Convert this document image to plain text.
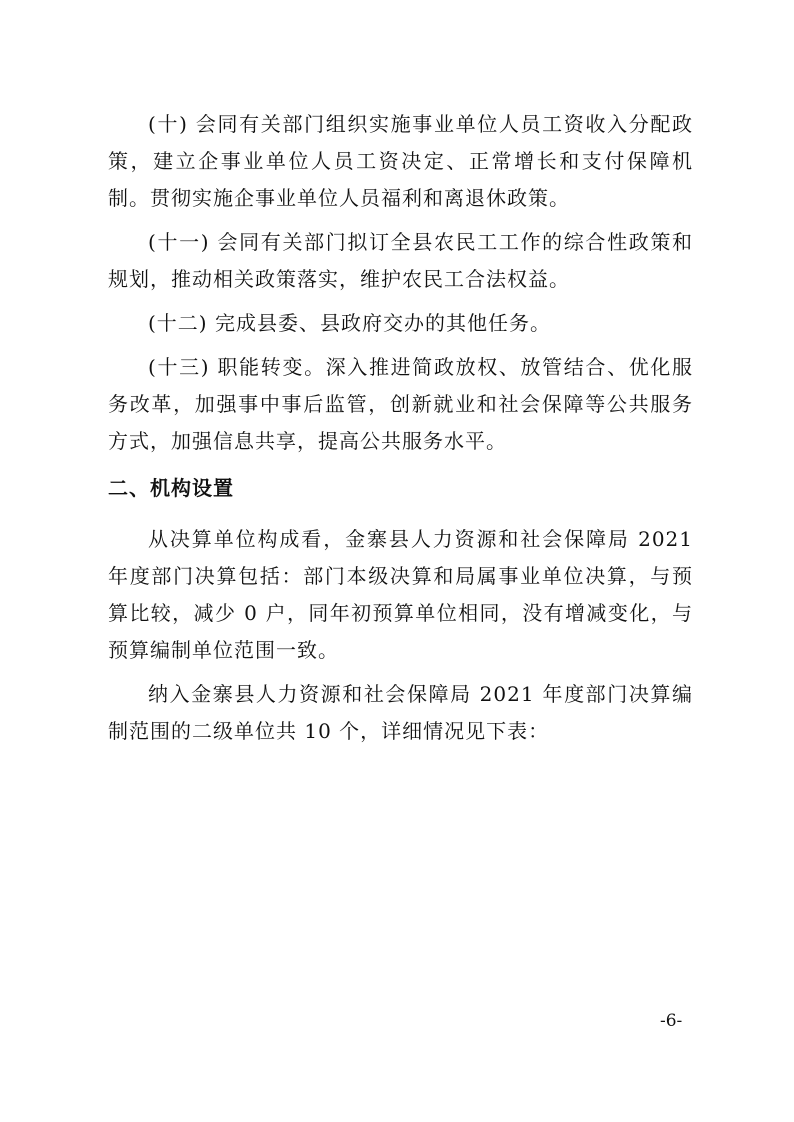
(十) 会同有关部门组织实施事业单位人员工资收入分配政策，建立企事业单位人员工资决定、正常增长和支付保障机制。贯彻实施企事业单位人员福利和离退休政策。

(十一) 会同有关部门拟订全县农民工工作的综合性政策和规划，推动相关政策落实，维护农民工合法权益。

(十二) 完成县委、县政府交办的其他任务。

(十三) 职能转变。深入推进简政放权、放管结合、优化服务改革，加强事中事后监管，创新就业和社会保障等公共服务方式，加强信息共享，提高公共服务水平。

二、机构设置

从决算单位构成看，金寨县人力资源和社会保障局 2021 年度部门决算包括：部门本级决算和局属事业单位决算，与预算比较，减少 0 户，同年初预算单位相同，没有增减变化，与预算编制单位范围一致。

纳入金寨县人力资源和社会保障局 2021 年度部门决算编制范围的二级单位共 10 个，详细情况见下表：

-6-
